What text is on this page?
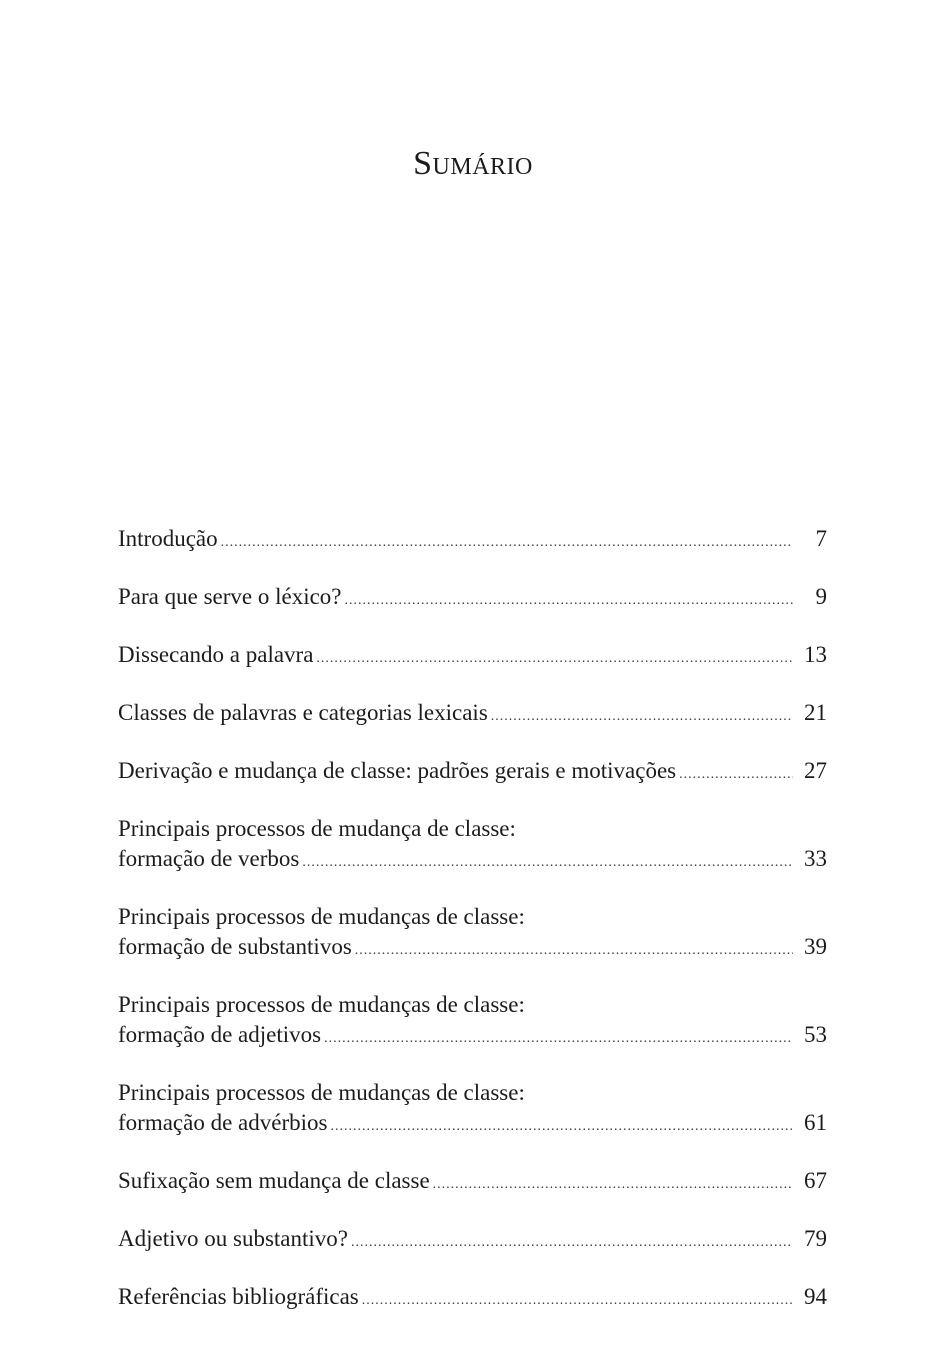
Sumário
Introdução .....	7
Para que serve o léxico? .....	9
Dissecando a palavra .....	13
Classes de palavras e categorias lexicais .....	21
Derivação e mudança de classe: padrões gerais e motivações .....	27
Principais processos de mudança de classe:
formação de verbos .....	33
Principais processos de mudanças de classe:
formação de substantivos .....	39
Principais processos de mudanças de classe:
formação de adjetivos .....	53
Principais processos de mudanças de classe:
formação de advérbios .....	61
Sufixação sem mudança de classe .....	67
Adjetivo ou substantivo? .....	79
Referências bibliográficas .....	94
